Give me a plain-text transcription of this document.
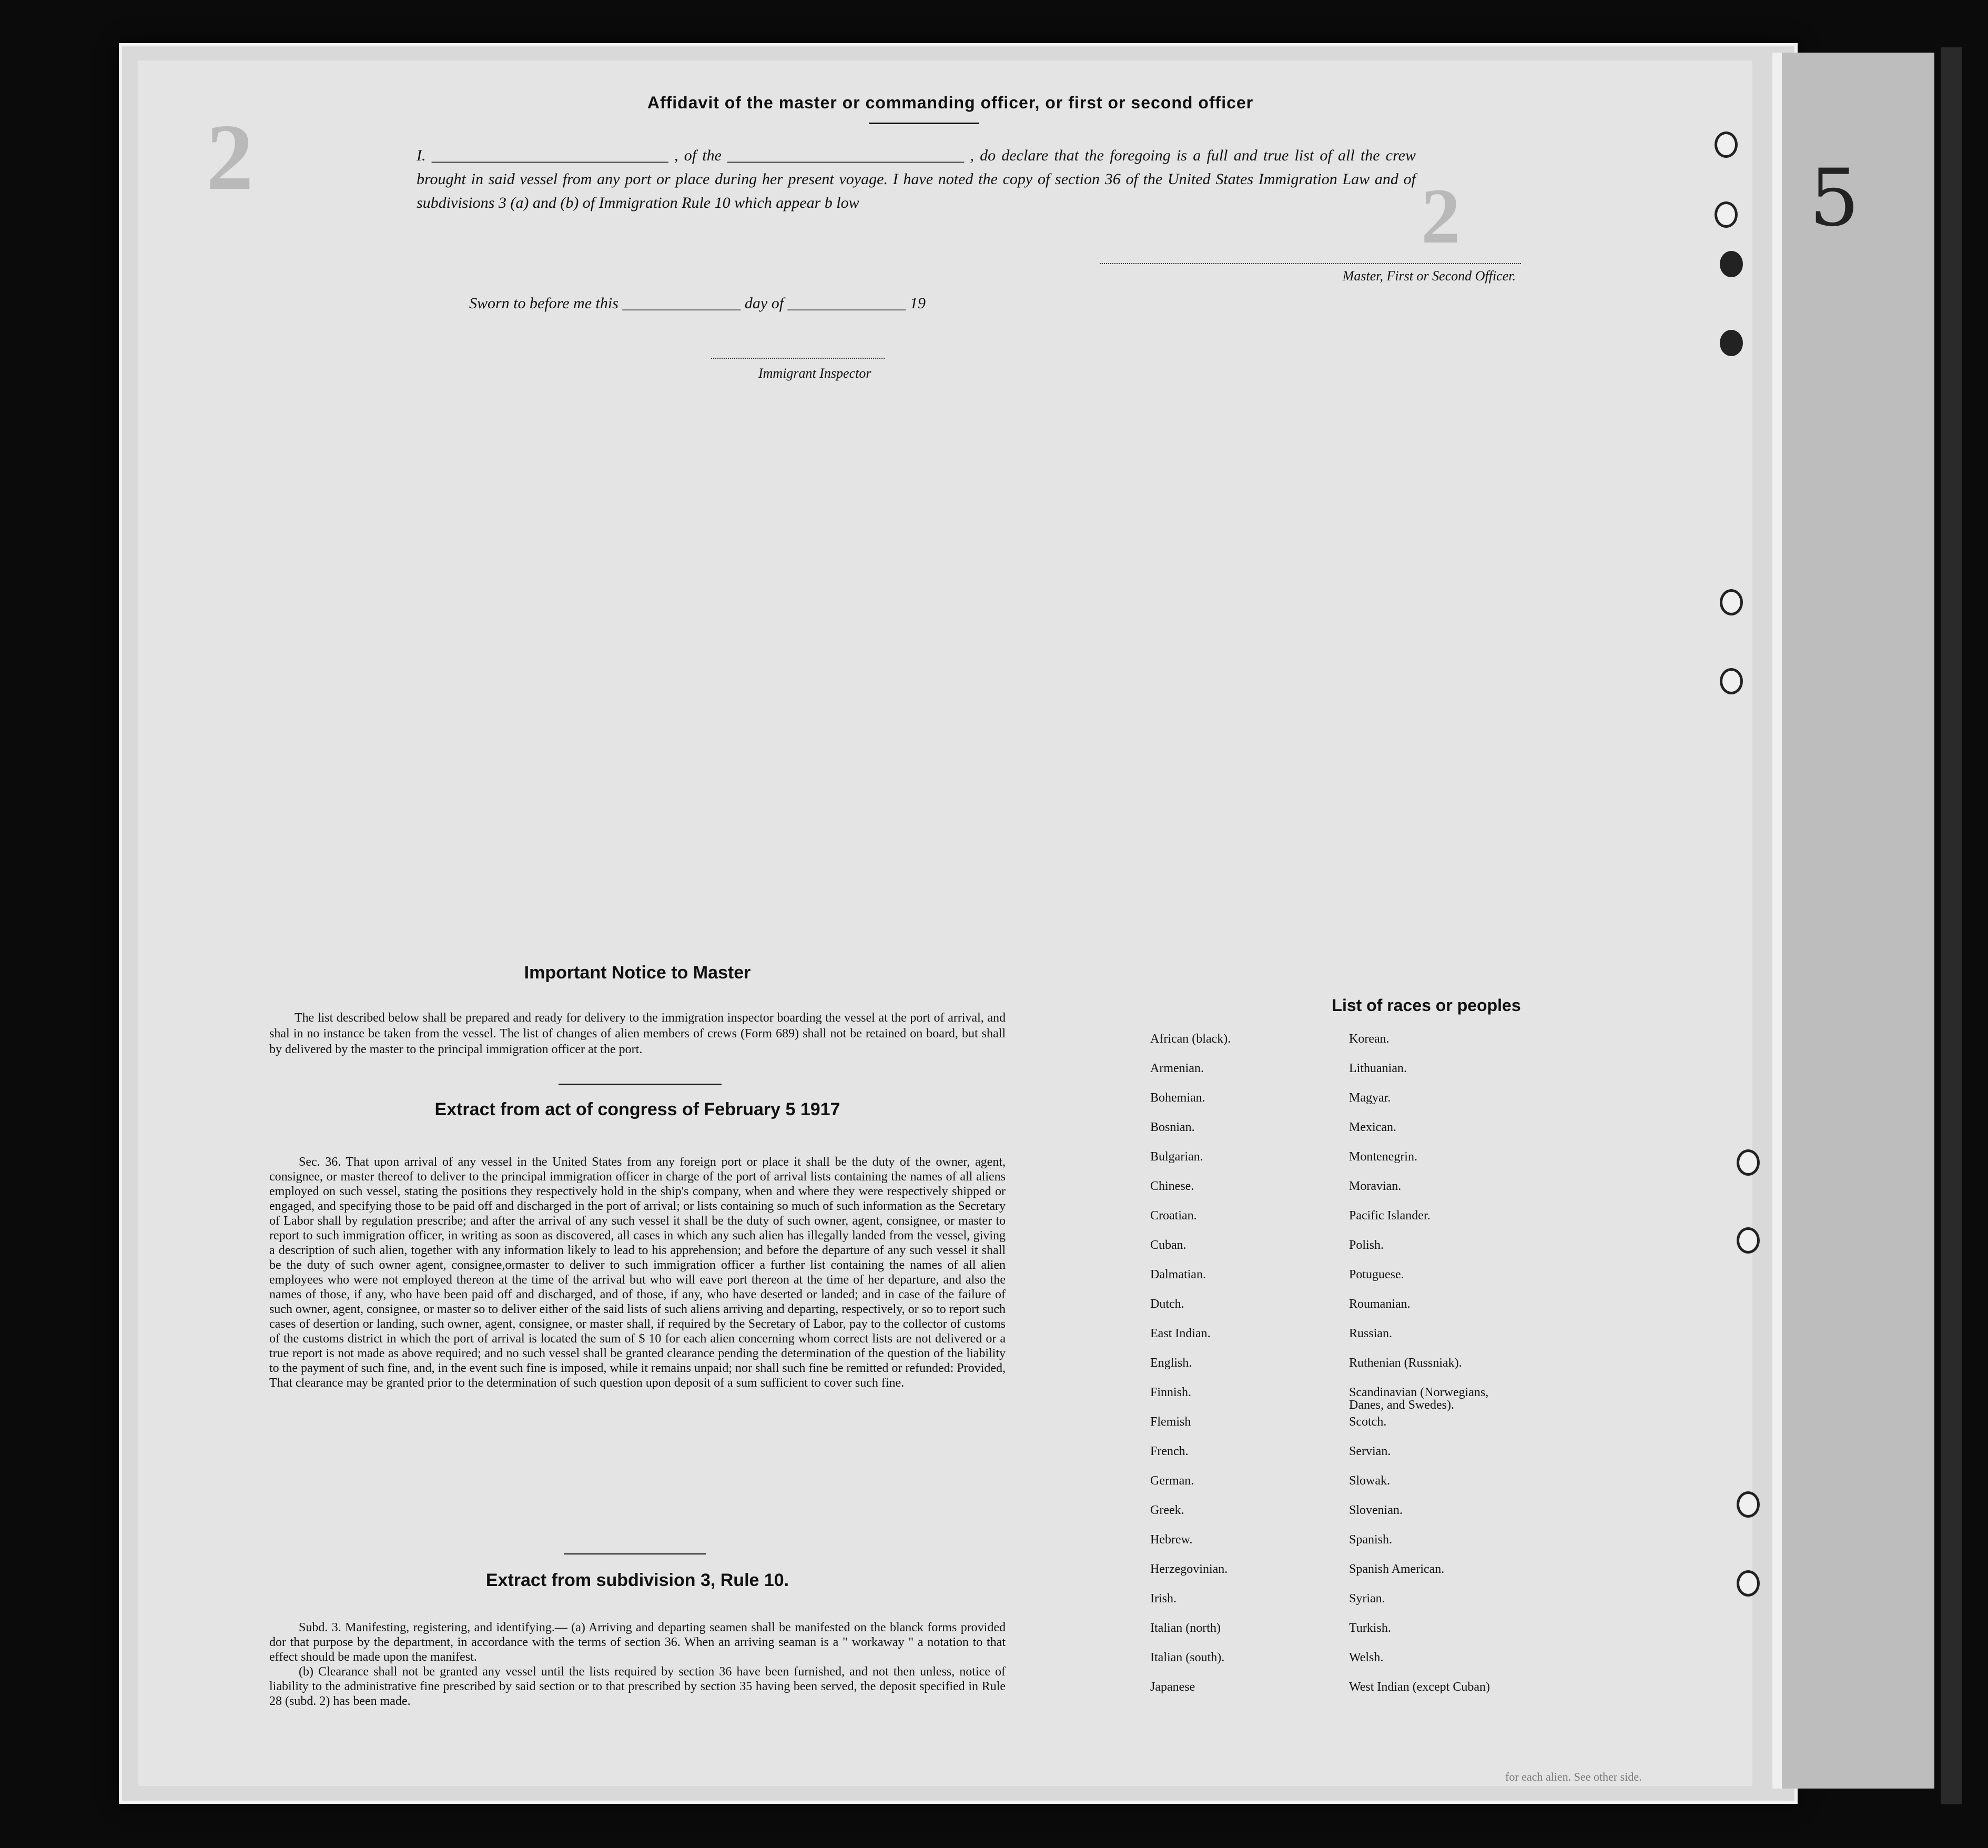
2
2
for each alien. See other side.
Affidavit of the master or commanding officer, or first or second officer
I. ______________________________ , of the ______________________________ , do declare that the foregoing is a full and true list of all the crew brought in said vessel from any port or place during her present voyage. I have noted the copy of section 36 of the United States Immigration Law and of subdivisions 3 (a) and (b) of Immigration Rule 10 which appear b low
Master, First or Second Officer.
Sworn to before me this _______________ day of _______________ 19
Immigrant Inspector
Important Notice to Master
The list described below shall be prepared and ready for delivery to the immigration inspector boarding the vessel at the port of arrival, and shal in no instance be taken from the vessel. The list of changes of alien members of crews (Form 689) shall not be retained on board, but shall by delivered by the master to the principal immigration officer at the port.
Extract from act of congress of February 5 1917
Sec. 36. That upon arrival of any vessel in the United States from any foreign port or place it shall be the duty of the owner, agent, consignee, or master thereof to deliver to the principal immigration officer in charge of the port of arrival lists containing the names of all aliens employed on such vessel, stating the positions they respectively hold in the ship's company, when and where they were respectively shipped or engaged, and specifying those to be paid off and discharged in the port of arrival; or lists containing so much of such information as the Secretary of Labor shall by regulation prescribe; and after the arrival of any such vessel it shall be the duty of such owner, agent, consignee, or master to report to such immigration officer, in writing as soon as discovered, all cases in which any such alien has illegally landed from the vessel, giving a description of such alien, together with any information likely to lead to his apprehension; and before the departure of any such vessel it shall be the duty of such owner agent, consignee,ormaster to deliver to such immigration officer a further list containing the names of all alien employees who were not employed thereon at the time of the arrival but who will eave port thereon at the time of her departure, and also the names of those, if any, who have been paid off and discharged, and of those, if any, who have deserted or landed; and in case of the failure of such owner, agent, consignee, or master so to deliver either of the said lists of such aliens arriving and departing, respectively, or so to report such cases of desertion or landing, such owner, agent, consignee, or master shall, if required by the Secretary of Labor, pay to the collector of customs of the customs district in which the port of arrival is located the sum of $ 10 for each alien concerning whom correct lists are not delivered or a true report is not made as above required; and no such vessel shall be granted clearance pending the determination of the question of the liability to the payment of such fine, and, in the event such fine is imposed, while it remains unpaid; nor shall such fine be remitted or refunded: Provided, That clearance may be granted prior to the determination of such question upon deposit of a sum sufficient to cover such fine.
Extract from subdivision 3, Rule 10.
Subd. 3. Manifesting, registering, and identifying.— (a) Arriving and departing seamen shall be manifested on the blanck forms provided dor that purpose by the department, in accordance with the terms of section 36. When an arriving seaman is a " workaway " a notation to that effect should be made upon the manifest.
(b) Clearance shall not be granted any vessel until the lists required by section 36 have been furnished, and not then unless, notice of liability to the administrative fine prescribed by said section or to that prescribed by section 35 having been served, the deposit specified in Rule 28 (subd. 2) has been made.
List of races or peoples
African (black).	Korean.
Armenian.	Lithuanian.
Bohemian.	Magyar.
Bosnian.	Mexican.
Bulgarian.	Montenegrin.
Chinese.	Moravian.
Croatian.	Pacific Islander.
Cuban.	Polish.
Dalmatian.	Potuguese.
Dutch.	Roumanian.
East Indian.	Russian.
English.	Ruthenian (Russniak).
Finnish.	Scandinavian (Norwegians,
Danes, and Swedes).
Flemish	Scotch.
French.	Servian.
German.	Slowak.
Greek.	Slovenian.
Hebrew.	Spanish.
Herzegovinian.	Spanish American.
Irish.	Syrian.
Italian (north)	Turkish.
Italian (south).	Welsh.
Japanese	West Indian (except Cuban)
5
